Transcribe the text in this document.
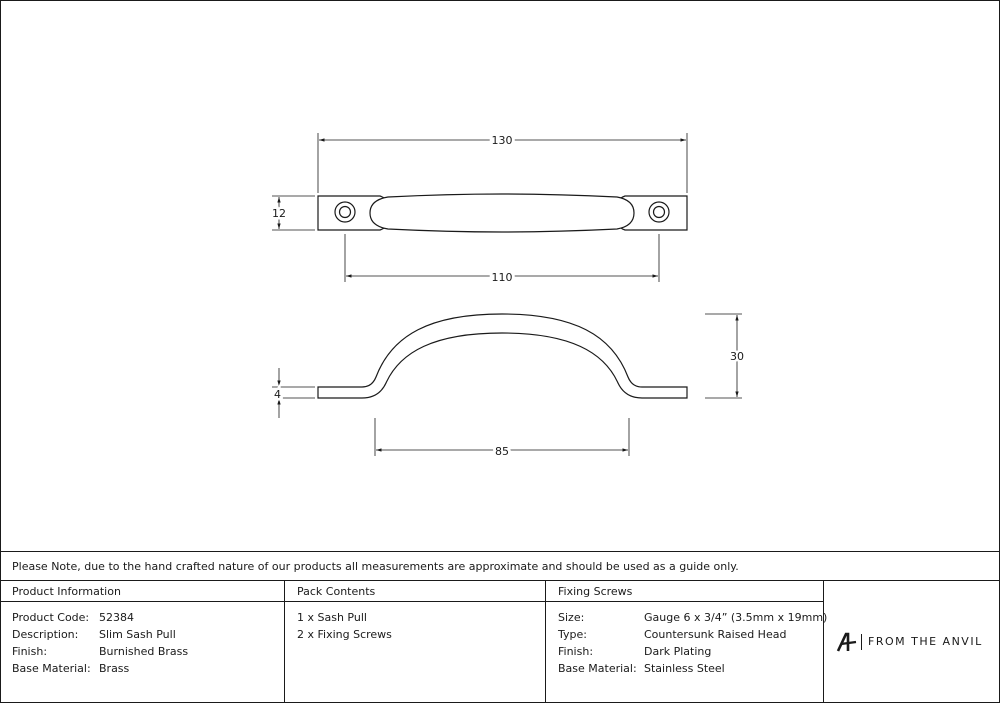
130
12
110
30
4
85
Please Note, due to the hand crafted nature of our products all measurements are approximate and should be used as a guide only.
Product Information	Pack Contents	Fixing Screws
Product Code: 52384
Description: Slim Sash Pull
Finish:	Burnished Brass
Base Material: Brass
1 x Sash Pull
2 x Fixing Screws
Size:	Gauge 6 x 3/4” (3.5mm x 19mm)
Type:	Countersunk Raised Head
Finish:	Dark Plating
Base Material: Stainless Steel
FROM THE ANVIL
